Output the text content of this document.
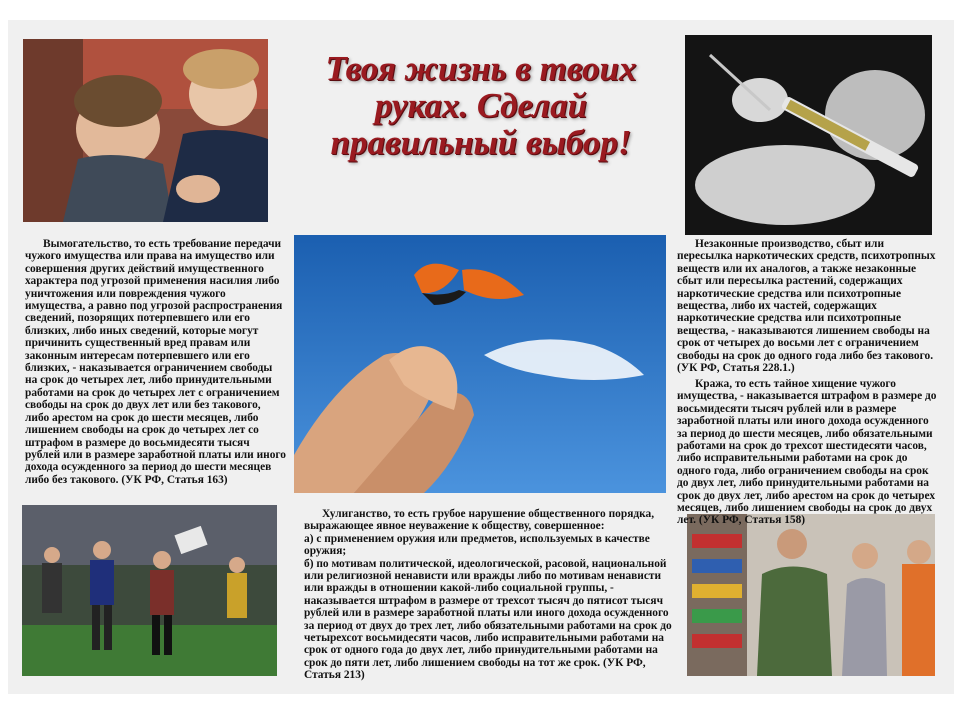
Твоя жизнь в твоих руках. Сделай правильный выбор!

Вымогательство, то есть требование передачи чужого имущества или права на имущество или совершения других действий имущественного характера под угрозой применения насилия либо уничтожения или повреждения чужого имущества, а равно под угрозой распространения сведений, позорящих потерпевшего или его близких, либо иных сведений, которые могут причинить существенный вред правам или законным интересам потерпевшего или его близких, - наказывается ограничением свободы на срок до четырех лет, либо принудительными работами на срок до четырех лет с ограничением свободы на срок до двух лет или без такового, либо арестом на срок до шести месяцев, либо лишением свободы на срок до четырех лет со штрафом в размере до восьмидесяти тысяч рублей или в размере заработной платы или иного дохода осужденного за период до шести месяцев либо без такового. (УК РФ, Статья 163)

Незаконные производство, сбыт или пересылка наркотических средств, психотропных веществ или их аналогов, а также незаконные сбыт или пересылка растений, содержащих наркотические средства или психотропные вещества, либо их частей, содержащих наркотические средства или психотропные вещества, - наказываются лишением свободы на срок от четырех до восьми лет с ограничением свободы на срок до одного года либо без такового. (УК РФ, Статья 228.1.)

Кража, то есть тайное хищение чужого имущества, - наказывается штрафом в размере до восьмидесяти тысяч рублей или в размере заработной платы или иного дохода осужденного за период до шести месяцев, либо обязательными работами на срок до трехсот шестидесяти часов, либо исправительными работами на срок до одного года, либо ограничением свободы на срок до двух лет, либо принудительными работами на срок до двух лет, либо арестом на срок до четырех месяцев, либо лишением свободы на срок до двух лет. (УК РФ, Статья 158)

Хулиганство, то есть грубое нарушение общественного порядка, выражающее явное неуважение к обществу, совершенное:

а) с применением оружия или предметов, используемых в качестве оружия;

б) по мотивам политической, идеологической, расовой, национальной или религиозной ненависти или вражды либо по мотивам ненависти или вражды в отношении какой-либо социальной группы, - наказывается штрафом в размере от трехсот тысяч до пятисот тысяч рублей или в размере заработной платы или иного дохода осужденного за период от двух до трех лет, либо обязательными работами на срок до четырехсот восьмидесяти часов, либо исправительными работами на срок от одного года до двух лет, либо принудительными работами на срок до пяти лет, либо лишением свободы на тот же срок. (УК РФ, Статья 213)
